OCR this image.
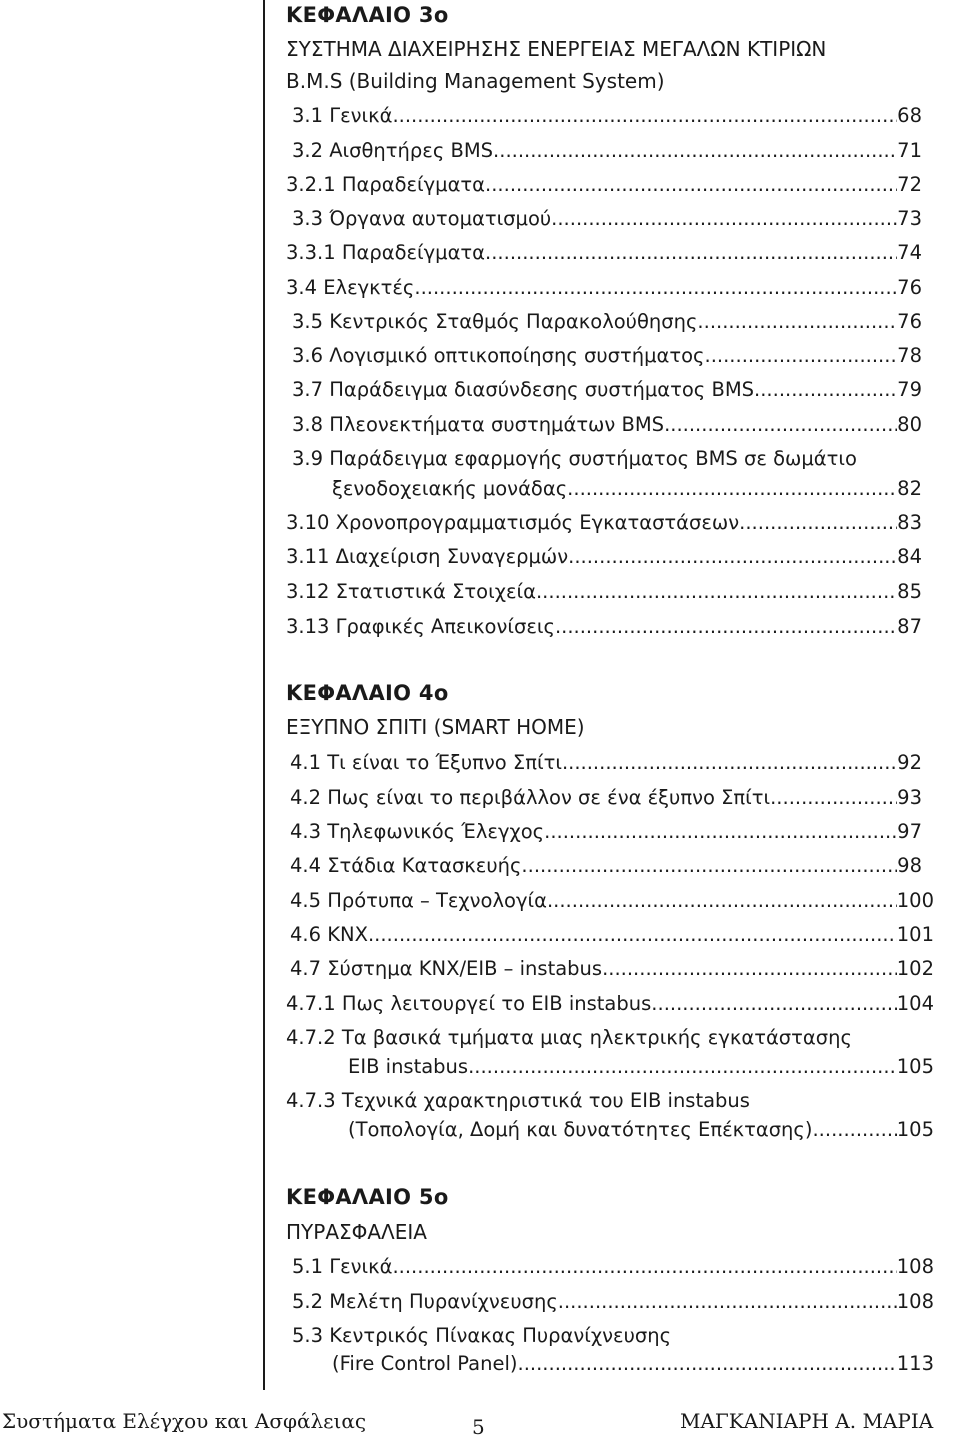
ΚΕΦΑΛΑΙΟ 3ο
ΣΥΣΤΗΜΑ ΔΙΑΧΕΙΡΗΣΗΣ ΕΝΕΡΓΕΙΑΣ ΜΕΓΑΛΩΝ ΚΤΙΡΙΩΝ
B.M.S (Building Management System)
3.1 Γενικά .....	68
3.2 Αισθητήρες BMS .....	71
3.2.1 Παραδείγματα .....	72
3.3 Όργανα αυτοματισμού .....	73
3.3.1 Παραδείγματα .....	74
3.4 Ελεγκτές .....	76
3.5 Κεντρικός Σταθμός Παρακολούθησης .....	76
3.6 Λογισμικό οπτικοποίησης συστήματος .....	78
3.7 Παράδειγμα διασύνδεσης συστήματος BMS .....	79
3.8 Πλεονεκτήματα συστημάτων BMS .....	80
3.9 Παράδειγμα εφαρμογής συστήματος BMS σε δωμάτιο
ξενοδοχειακής μονάδας .....	82
3.10 Χρονοπρογραμματισμός Εγκαταστάσεων .....	83
3.11 Διαχείριση Συναγερμών .....	84
3.12 Στατιστικά Στοιχεία .....	85
3.13 Γραφικές Απεικονίσεις .....	87
ΚΕΦΑΛΑΙΟ 4ο
ΕΞΥΠΝΟ ΣΠΙΤΙ (SMART HOME)
4.1 Τι είναι το Έξυπνο Σπίτι .....	92
4.2 Πως είναι το περιβάλλον σε ένα έξυπνο Σπίτι .....	93
4.3 Τηλεφωνικός Έλεγχος .....	97
4.4 Στάδια Κατασκευής .....	98
4.5 Πρότυπα – Τεχνολογία .....	100
4.6 KNX .....	101
4.7 Σύστημα KNX/EIB – instabus .....	102
4.7.1 Πως λειτουργεί το EIB instabus .....	104
4.7.2 Τα βασικά τμήματα μιας ηλεκτρικής εγκατάστασης
EIB instabus .....	105
4.7.3 Τεχνικά χαρακτηριστικά του EIB instabus
(Τοπολογία, Δομή και δυνατότητες Επέκτασης) .....	105
ΚΕΦΑΛΑΙΟ 5ο
ΠΥΡΑΣΦΑΛΕΙΑ
5.1 Γενικά .....	108
5.2 Μελέτη Πυρανίχνευσης .....	108
5.3 Κεντρικός Πίνακας Πυρανίχνευσης
(Fire Control Panel) .....	113
Συστήματα Ελέγχου και Ασφάλειας	5	ΜΑΓΚΑΝΙΑΡΗ Α. ΜΑΡΙΑ
